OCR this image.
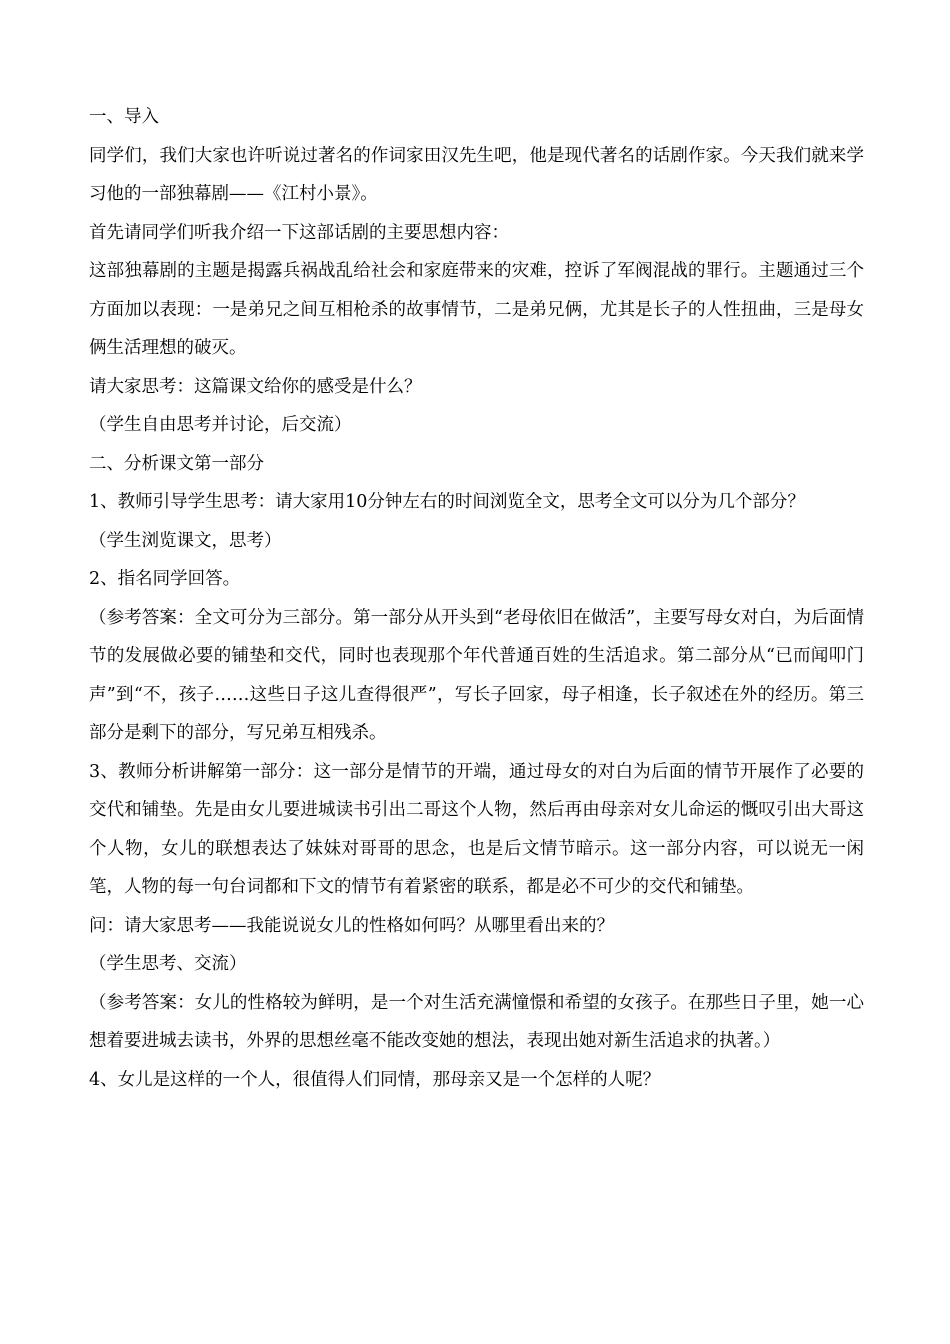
一、导入

同学们，我们大家也许听说过著名的作词家田汉先生吧，他是现代著名的话剧作家。今天我们就来学习他的一部独幕剧——《江村小景》。

首先请同学们听我介绍一下这部话剧的主要思想内容：

这部独幕剧的主题是揭露兵祸战乱给社会和家庭带来的灾难，控诉了军阀混战的罪行。主题通过三个方面加以表现：一是弟兄之间互相枪杀的故事情节，二是弟兄俩，尤其是长子的人性扭曲，三是母女俩生活理想的破灭。

请大家思考：这篇课文给你的感受是什么？

（学生自由思考并讨论，后交流）

二、分析课文第一部分

1、教师引导学生思考：请大家用10分钟左右的时间浏览全文，思考全文可以分为几个部分？

（学生浏览课文，思考）

2、指名同学回答。

（参考答案：全文可分为三部分。第一部分从开头到“老母依旧在做活”，主要写母女对白，为后面情节的发展做必要的铺垫和交代，同时也表现那个年代普通百姓的生活追求。第二部分从“已而闻叩门声”到“不，孩子……这些日子这儿查得很严”，写长子回家，母子相逢，长子叙述在外的经历。第三部分是剩下的部分，写兄弟互相残杀。

3、教师分析讲解第一部分：这一部分是情节的开端，通过母女的对白为后面的情节开展作了必要的交代和铺垫。先是由女儿要进城读书引出二哥这个人物，然后再由母亲对女儿命运的慨叹引出大哥这个人物，女儿的联想表达了妹妹对哥哥的思念，也是后文情节暗示。这一部分内容，可以说无一闲笔，人物的每一句台词都和下文的情节有着紧密的联系，都是必不可少的交代和铺垫。

问：请大家思考——我能说说女儿的性格如何吗？从哪里看出来的？

（学生思考、交流）

（参考答案：女儿的性格较为鲜明，是一个对生活充满憧憬和希望的女孩子。在那些日子里，她一心想着要进城去读书，外界的思想丝毫不能改变她的想法，表现出她对新生活追求的执著。）

4、女儿是这样的一个人，很值得人们同情，那母亲又是一个怎样的人呢？
